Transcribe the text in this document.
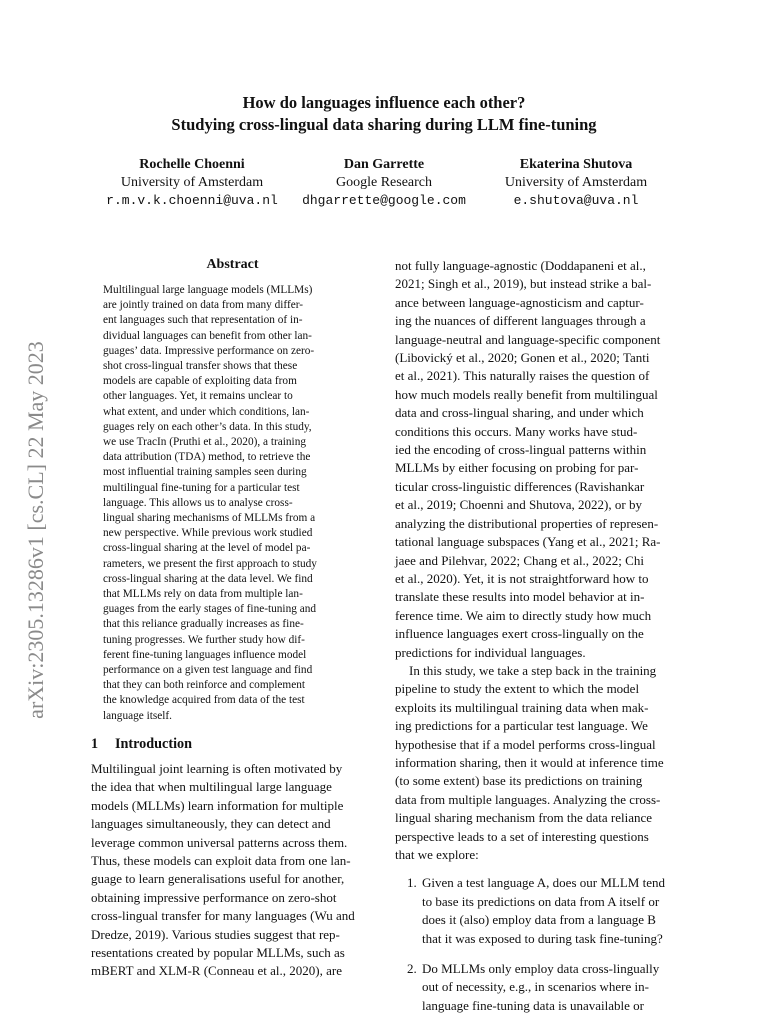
How do languages influence each other?
Studying cross-lingual data sharing during LLM fine-tuning
Rochelle Choenni
University of Amsterdam
r.m.v.k.choenni@uva.nl
Dan Garrette
Google Research
dhgarrette@google.com
Ekaterina Shutova
University of Amsterdam
e.shutova@uva.nl
arXiv:2305.13286v1 [cs.CL] 22 May 2023
Abstract
Multilingual large language models (MLLMs)
are jointly trained on data from many differ-
ent languages such that representation of in-
dividual languages can benefit from other lan-
guages’ data. Impressive performance on zero-
shot cross-lingual transfer shows that these
models are capable of exploiting data from
other languages. Yet, it remains unclear to
what extent, and under which conditions, lan-
guages rely on each other’s data. In this study,
we use TracIn (Pruthi et al., 2020), a training
data attribution (TDA) method, to retrieve the
most influential training samples seen during
multilingual fine-tuning for a particular test
language. This allows us to analyse cross-
lingual sharing mechanisms of MLLMs from a
new perspective. While previous work studied
cross-lingual sharing at the level of model pa-
rameters, we present the first approach to study
cross-lingual sharing at the data level. We find
that MLLMs rely on data from multiple lan-
guages from the early stages of fine-tuning and
that this reliance gradually increases as fine-
tuning progresses. We further study how dif-
ferent fine-tuning languages influence model
performance on a given test language and find
that they can both reinforce and complement
the knowledge acquired from data of the test
language itself.
1 Introduction
Multilingual joint learning is often motivated by
the idea that when multilingual large language
models (MLLMs) learn information for multiple
languages simultaneously, they can detect and
leverage common universal patterns across them.
Thus, these models can exploit data from one lan-
guage to learn generalisations useful for another,
obtaining impressive performance on zero-shot
cross-lingual transfer for many languages (Wu and
Dredze, 2019). Various studies suggest that rep-
resentations created by popular MLLMs, such as
mBERT and XLM-R (Conneau et al., 2020), are
not fully language-agnostic (Doddapaneni et al.,
2021; Singh et al., 2019), but instead strike a bal-
ance between language-agnosticism and captur-
ing the nuances of different languages through a
language-neutral and language-specific component
(Libovický et al., 2020; Gonen et al., 2020; Tanti
et al., 2021). This naturally raises the question of
how much models really benefit from multilingual
data and cross-lingual sharing, and under which
conditions this occurs. Many works have stud-
ied the encoding of cross-lingual patterns within
MLLMs by either focusing on probing for par-
ticular cross-linguistic differences (Ravishankar
et al., 2019; Choenni and Shutova, 2022), or by
analyzing the distributional properties of represen-
tational language subspaces (Yang et al., 2021; Ra-
jaee and Pilehvar, 2022; Chang et al., 2022; Chi
et al., 2020). Yet, it is not straightforward how to
translate these results into model behavior at in-
ference time. We aim to directly study how much
influence languages exert cross-lingually on the
predictions for individual languages.
In this study, we take a step back in the training
pipeline to study the extent to which the model
exploits its multilingual training data when mak-
ing predictions for a particular test language. We
hypothesise that if a model performs cross-lingual
information sharing, then it would at inference time
(to some extent) base its predictions on training
data from multiple languages. Analyzing the cross-
lingual sharing mechanism from the data reliance
perspective leads to a set of interesting questions
that we explore:
1. Given a test language A, does our MLLM tend
to base its predictions on data from A itself or
does it (also) employ data from a language B
that it was exposed to during task fine-tuning?
2. Do MLLMs only employ data cross-lingually
out of necessity, e.g., in scenarios where in-
language fine-tuning data is unavailable or
